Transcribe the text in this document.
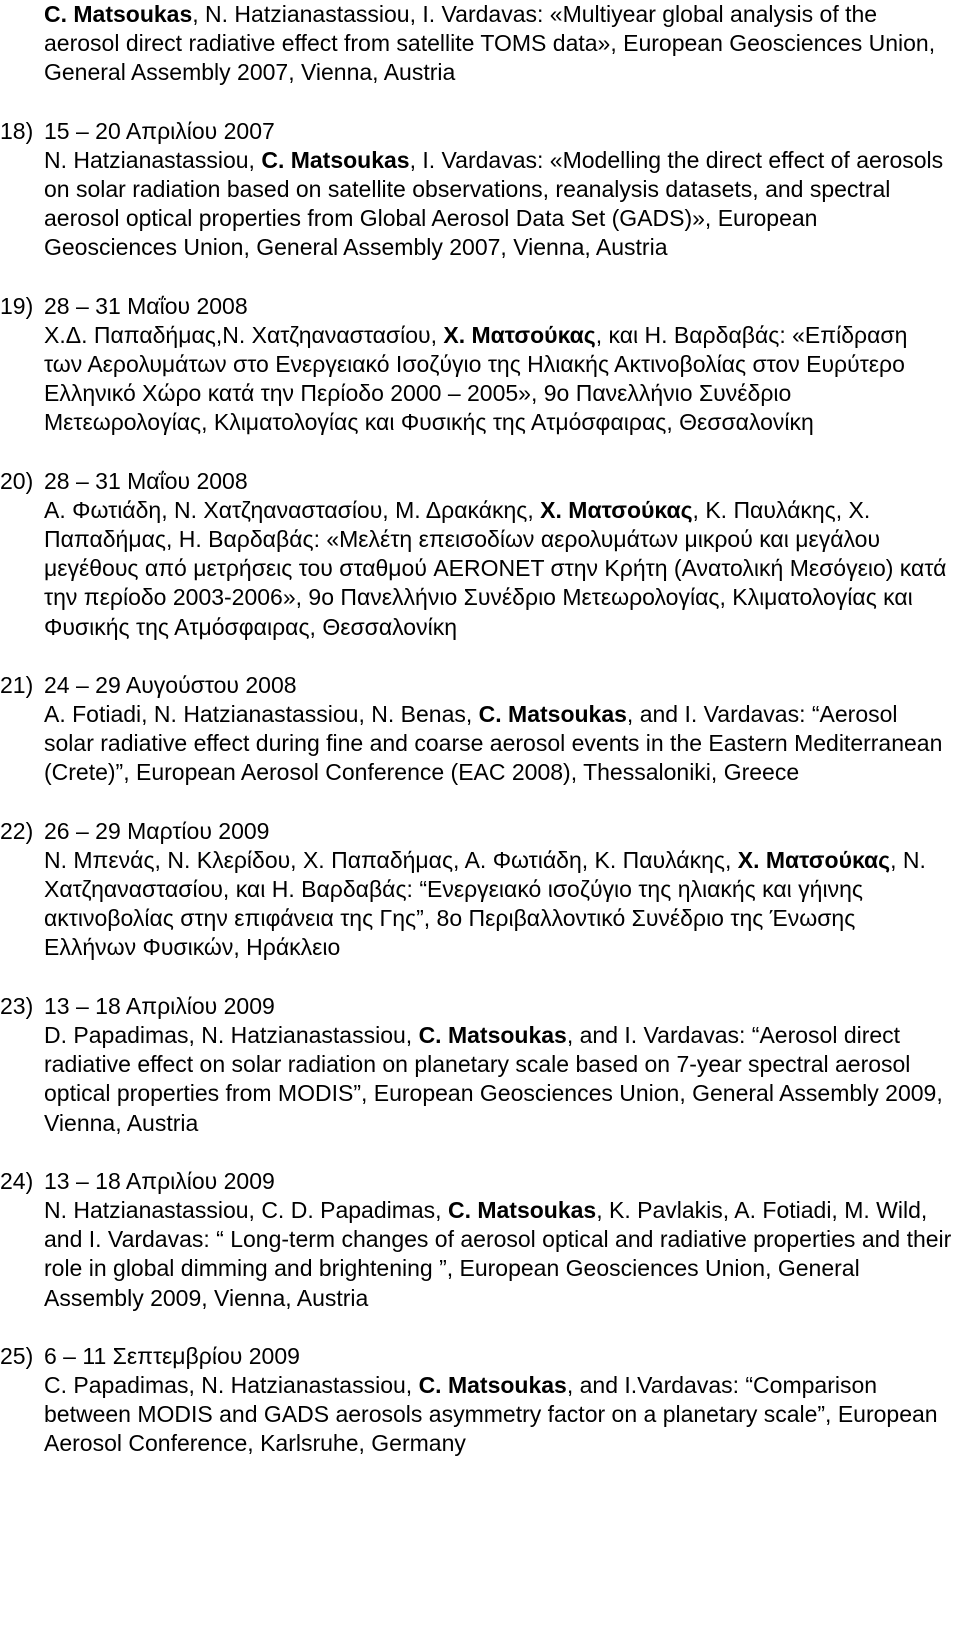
C. Matsoukas, N. Hatzianastassiou, I. Vardavas: «Multiyear global analysis of the aerosol direct radiative effect from satellite TOMS data», European Geosciences Union, General Assembly 2007, Vienna, Austria

18) 15 – 20 Απριλίου 2007

N. Hatzianastassiou, C. Matsoukas, I. Vardavas: «Modelling the direct effect of aerosols on solar radiation based on satellite observations, reanalysis datasets, and spectral aerosol optical properties from Global Aerosol Data Set (GADS)», European Geosciences Union, General Assembly 2007, Vienna, Austria

19) 28 – 31 Μαΐου 2008

Χ.Δ. Παπαδήμας,Ν. Χατζηαναστασίου, Χ. Ματσούκας, και Η. Βαρδαβάς: «Επίδραση των Αερολυμάτων στο Ενεργειακό Ισοζύγιο της Ηλιακής Ακτινοβολίας στον Ευρύτερο Ελληνικό Χώρο κατά την Περίοδο 2000 – 2005», 9ο Πανελλήνιο Συνέδριο Μετεωρολογίας, Κλιματολογίας και Φυσικής της Ατμόσφαιρας, Θεσσαλονίκη

20) 28 – 31 Μαΐου 2008

Α. Φωτιάδη, Ν. Χατζηαναστασίου, Μ. Δρακάκης, Χ. Ματσούκας, Κ. Παυλάκης, Χ. Παπαδήμας, Η. Βαρδαβάς: «Μελέτη επεισοδίων αερολυμάτων μικρού και μεγάλου μεγέθους από μετρήσεις του σταθμού AERONET στην Κρήτη (Ανατολική Μεσόγειο) κατά την περίοδο 2003-2006», 9ο Πανελλήνιο Συνέδριο Μετεωρολογίας, Κλιματολογίας και Φυσικής της Ατμόσφαιρας, Θεσσαλονίκη

21) 24 – 29 Αυγούστου 2008

A. Fotiadi, N. Hatzianastassiou, N. Benas, C. Matsoukas, and I. Vardavas: “Aerosol solar radiative effect during fine and coarse aerosol events in the Eastern Mediterranean (Crete)”, European Aerosol Conference (EAC 2008), Thessaloniki, Greece

22) 26 – 29 Μαρτίου 2009

Ν. Μπενάς, Ν. Κλερίδου, Χ. Παπαδήμας, Α. Φωτιάδη, Κ. Παυλάκης, Χ. Ματσούκας, Ν. Χατζηαναστασίου, και Η. Βαρδαβάς: “Ενεργειακό ισοζύγιο της ηλιακής και γήινης ακτινοβολίας στην επιφάνεια της Γης”, 8ο Περιβαλλοντικό Συνέδριο της Ένωσης Ελλήνων Φυσικών, Ηράκλειο

23) 13 – 18 Απριλίου 2009

D. Papadimas, N. Hatzianastassiou, C. Matsoukas, and I. Vardavas: “Aerosol direct radiative effect on solar radiation on planetary scale based on 7-year spectral aerosol optical properties from MODIS”, European Geosciences Union, General Assembly 2009, Vienna, Austria

24) 13 – 18 Απριλίου 2009

N. Hatzianastassiou, C. D. Papadimas, C. Matsoukas, K. Pavlakis, A. Fotiadi, M. Wild, and I. Vardavas: “ Long-term changes of aerosol optical and radiative properties and their role in global dimming and brightening ”, European Geosciences Union, General Assembly 2009, Vienna, Austria

25) 6 – 11 Σεπτεμβρίου 2009

C. Papadimas, N. Hatzianastassiou, C. Matsoukas, and I.Vardavas: “Comparison between MODIS and GADS aerosols asymmetry factor on a planetary scale”, European Aerosol Conference, Karlsruhe, Germany
